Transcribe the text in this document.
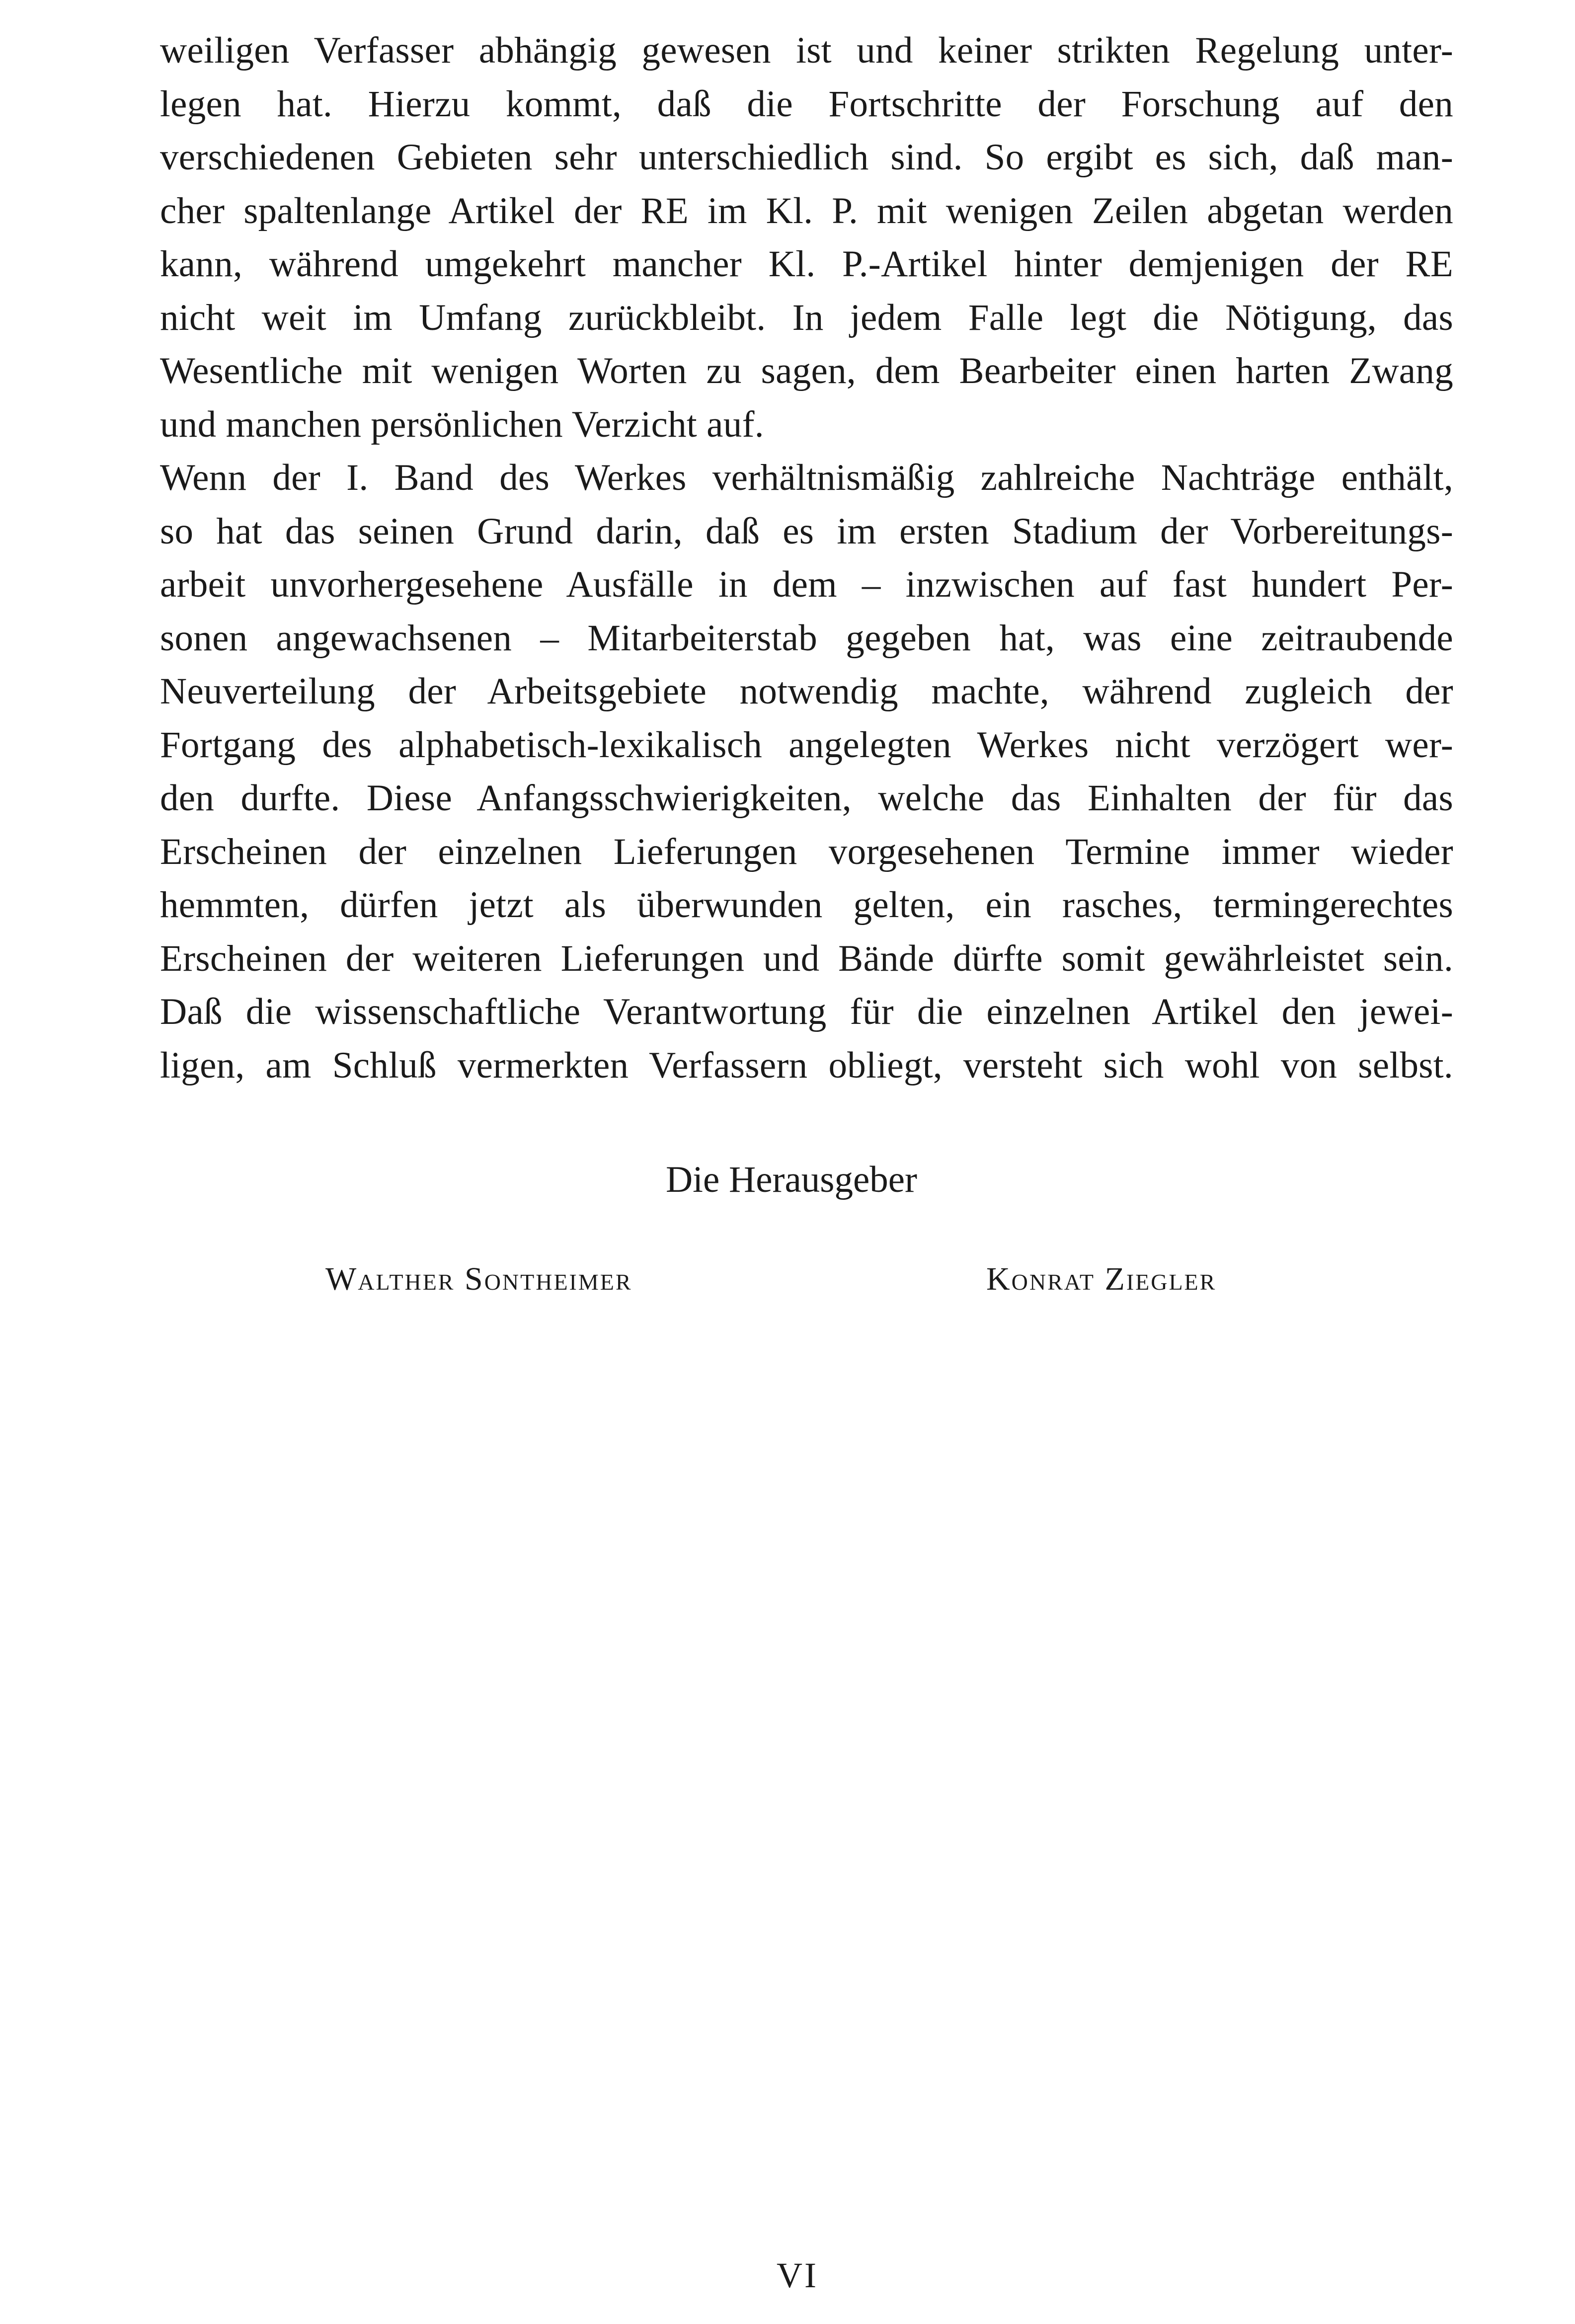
weiligen Verfasser abhängig gewesen ist und keiner strikten Regelung unter-
legen hat. Hierzu kommt, daß die Fortschritte der Forschung auf den
verschiedenen Gebieten sehr unterschiedlich sind. So ergibt es sich, daß man-
cher spaltenlange Artikel der RE im Kl. P. mit wenigen Zeilen abgetan werden
kann, während umgekehrt mancher Kl. P.-Artikel hinter demjenigen der RE
nicht weit im Umfang zurückbleibt. In jedem Falle legt die Nötigung, das
Wesentliche mit wenigen Worten zu sagen, dem Bearbeiter einen harten Zwang
und manchen persönlichen Verzicht auf.
Wenn der I. Band des Werkes verhältnismäßig zahlreiche Nachträge enthält,
so hat das seinen Grund darin, daß es im ersten Stadium der Vorbereitungs-
arbeit unvorhergesehene Ausfälle in dem – inzwischen auf fast hundert Per-
sonen angewachsenen – Mitarbeiterstab gegeben hat, was eine zeitraubende
Neuverteilung der Arbeitsgebiete notwendig machte, während zugleich der
Fortgang des alphabetisch-lexikalisch angelegten Werkes nicht verzögert wer-
den durfte. Diese Anfangsschwierigkeiten, welche das Einhalten der für das
Erscheinen der einzelnen Lieferungen vorgesehenen Termine immer wieder
hemmten, dürfen jetzt als überwunden gelten, ein rasches, termingerechtes
Erscheinen der weiteren Lieferungen und Bände dürfte somit gewährleistet sein.
Daß die wissenschaftliche Verantwortung für die einzelnen Artikel den jewei-
ligen, am Schluß vermerkten Verfassern obliegt, versteht sich wohl von selbst.
Die Herausgeber
Walther Sontheimer	Konrat Ziegler
VI
